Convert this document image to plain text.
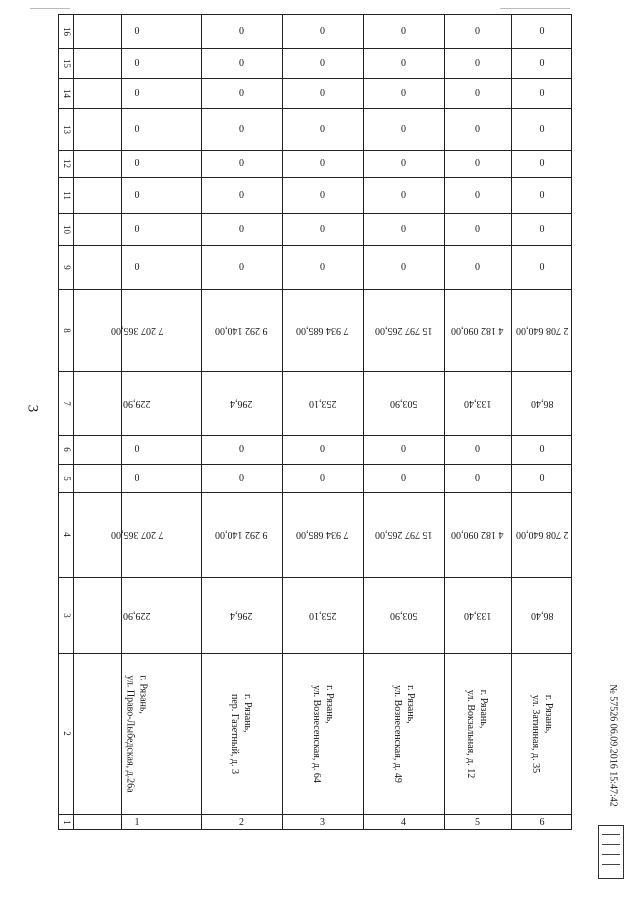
3
16
15
14
13
12
11
10
9
8
7
6
5
4
3
2
1
0
0
0
0
0
0
0
0
7 207 365,00
229,90
0
0
7 207 365,00
229,90
г. Рязань,
ул. Право-Лыбедская, д.26а
1
0
0
0
0
0
0
0
0
9 292 140,00
296,4
0
0
9 292 140,00
296,4
г. Рязань,
пер. Газетный, д. 3
2
0
0
0
0
0
0
0
0
7 934 685,00
253,10
0
0
7 934 685,00
253,10
г. Рязань,
ул. Вознесенская, д. 64
3
0
0
0
0
0
0
0
0
15 797 265,00
503,90
0
0
15 797 265,00
503,90
г. Рязань,
ул. Вознесенская, д. 49
4
0
0
0
0
0
0
0
0
4 182 090,00
133,40
0
0
4 182 090,00
133,40
г. Рязань,
ул. Вокзальная, д. 12
5
0
0
0
0
0
0
0
0
2 708 640,00
86,40
0
0
2 708 640,00
86,40
г. Рязань,
ул. Затинная, д. 35
6
№ 57526 06.09.2016 15:47:42
